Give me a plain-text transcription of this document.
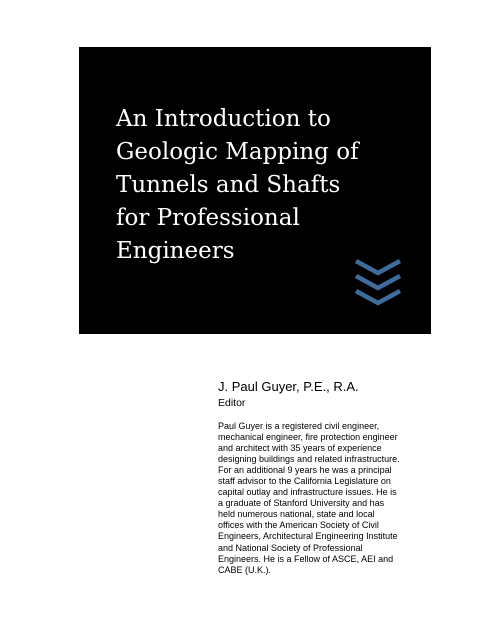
An Introduction to
Geologic Mapping of
Tunnels and Shafts
for Professional
Engineers
J. Paul Guyer, P.E., R.A.
Editor
Paul Guyer is a registered civil engineer,
mechanical engineer, fire protection engineer
and architect with 35 years of experience
designing buildings and related infrastructure.
For an additional 9 years he was a principal
staff advisor to the California Legislature on
capital outlay and infrastructure issues. He is
a graduate of Stanford University and has
held numerous national, state and local
offices with the American Society of Civil
Engineers, Architectural Engineering Institute
and National Society of Professional
Engineers. He is a Fellow of ASCE, AEI and
CABE (U.K.).
